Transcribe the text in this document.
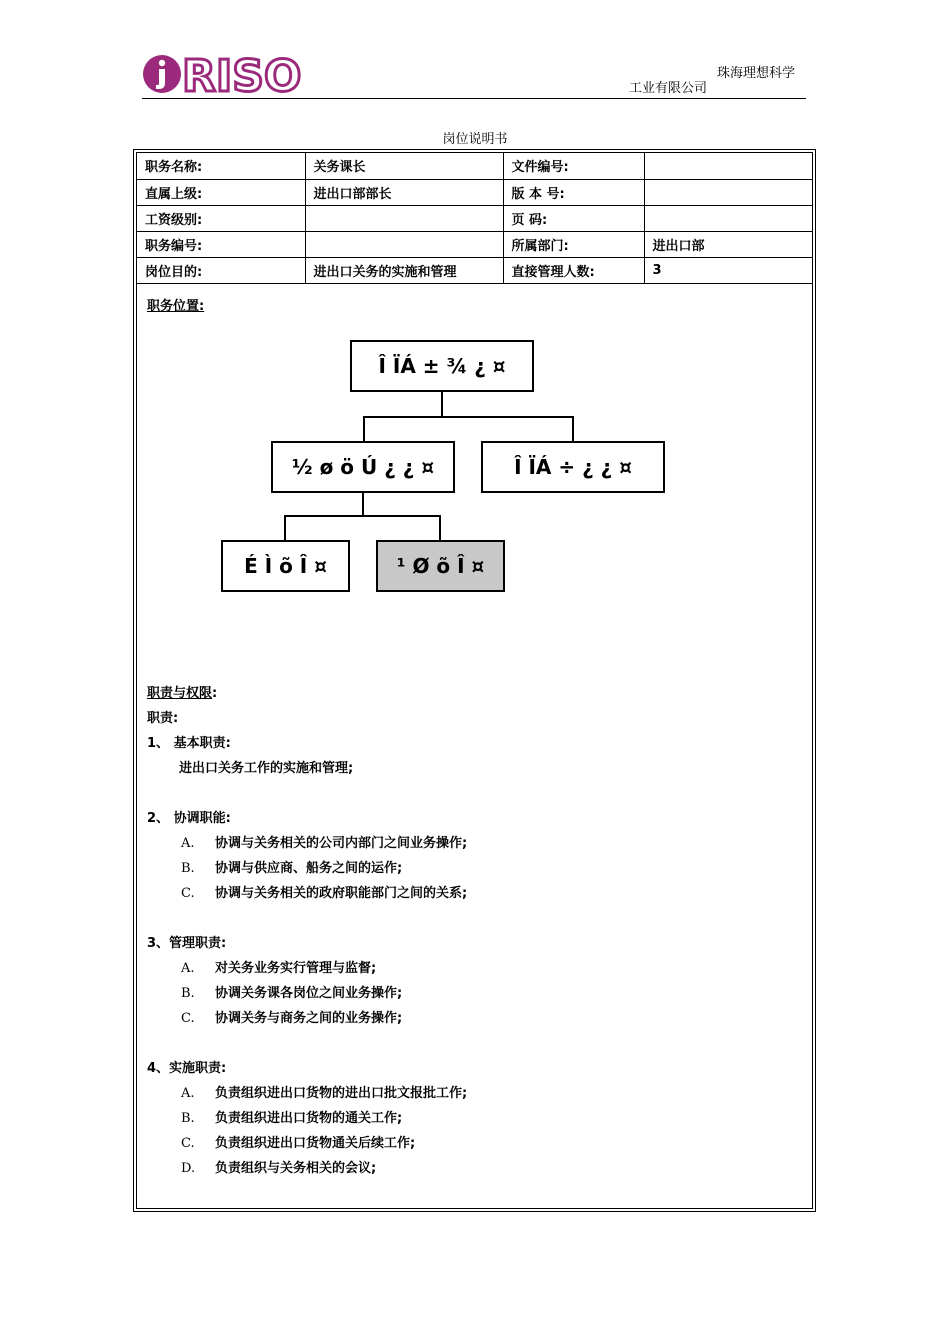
RISO	珠海理想科学
工业有限公司
岗位说明书
职务名称:	关务课长	文件编号:	
直属上级:	进出口部部长	版 本 号:	
工资级别:		页 码:	
职务编号:		所属部门:	进出口部
岗位目的:	进出口关务的实施和管理	直接管理人数:	3
职务位置:
Î ÏÁ ± ¾ ¿ ¤
½ ø ö Ú ¿ ¿ ¤	Î ÏÁ ÷ ¿ ¿ ¤
É Ì õ Î ¤	¹ Ø õ Î ¤
职责与权限:
职责:
1、 基本职责:
进出口关务工作的实施和管理;
2、 协调职能:
A. 协调与关务相关的公司内部门之间业务操作;
B. 协调与供应商、船务之间的运作;
C. 协调与关务相关的政府职能部门之间的关系;
3、管理职责:
A. 对关务业务实行管理与监督;
B. 协调关务课各岗位之间业务操作;
C. 协调关务与商务之间的业务操作;
4、实施职责:
A. 负责组织进出口货物的进出口批文报批工作;
B. 负责组织进出口货物的通关工作;
C. 负责组织进出口货物通关后续工作;
D. 负责组织与关务相关的会议;
